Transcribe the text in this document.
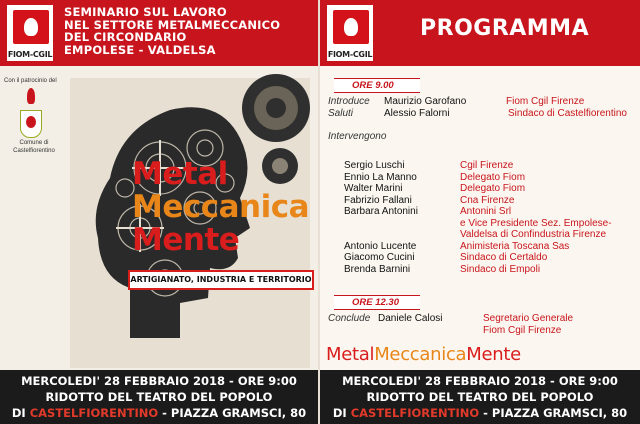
FIOM-CGIL
SEMINARIO SUL LAVORO
NEL SETTORE METALMECCANICO
DEL CIRCONDARIO
EMPOLESE - VALDELSA
Con il patrocinio del
Comune di
Castelfiorentino
Metal
Meccanica
Mente
ARTIGIANATO, INDUSTRIA E TERRITORIO
MERCOLEDI' 28 FEBBRAIO 2018 - ORE 9:00
RIDOTTO DEL TEATRO DEL POPOLO
DI CASTELFIORENTINO - PIAZZA GRAMSCI, 80
FIOM-CGIL
PROGRAMMA
ORE 9.00
Introduce Maurizio Garofano	Fiom Cgil Firenze
Saluti	Alessio Falorni	Sindaco di Castelfiorentino
Intervengono
Sergio Luschi	Cgil Firenze
Ennio La Manno	Delegato Fiom
Walter Marini	Delegato Fiom
Fabrizio Fallani	Cna Firenze
Barbara Antonini	Antonini Srl
e Vice Presidente Sez. Empolese-
Valdelsa di Confindustria Firenze
Antonio Lucente	Animisteria Toscana Sas
Giacomo Cucini	Sindaco di Certaldo
Brenda Barnini	Sindaco di Empoli
ORE 12.30
Conclude Daniele Calosi	Segretario Generale
Fiom Cgil Firenze
MetalMeccanicaMente
MERCOLEDI' 28 FEBBRAIO 2018 - ORE 9:00
RIDOTTO DEL TEATRO DEL POPOLO
DI CASTELFIORENTINO - PIAZZA GRAMSCI, 80
